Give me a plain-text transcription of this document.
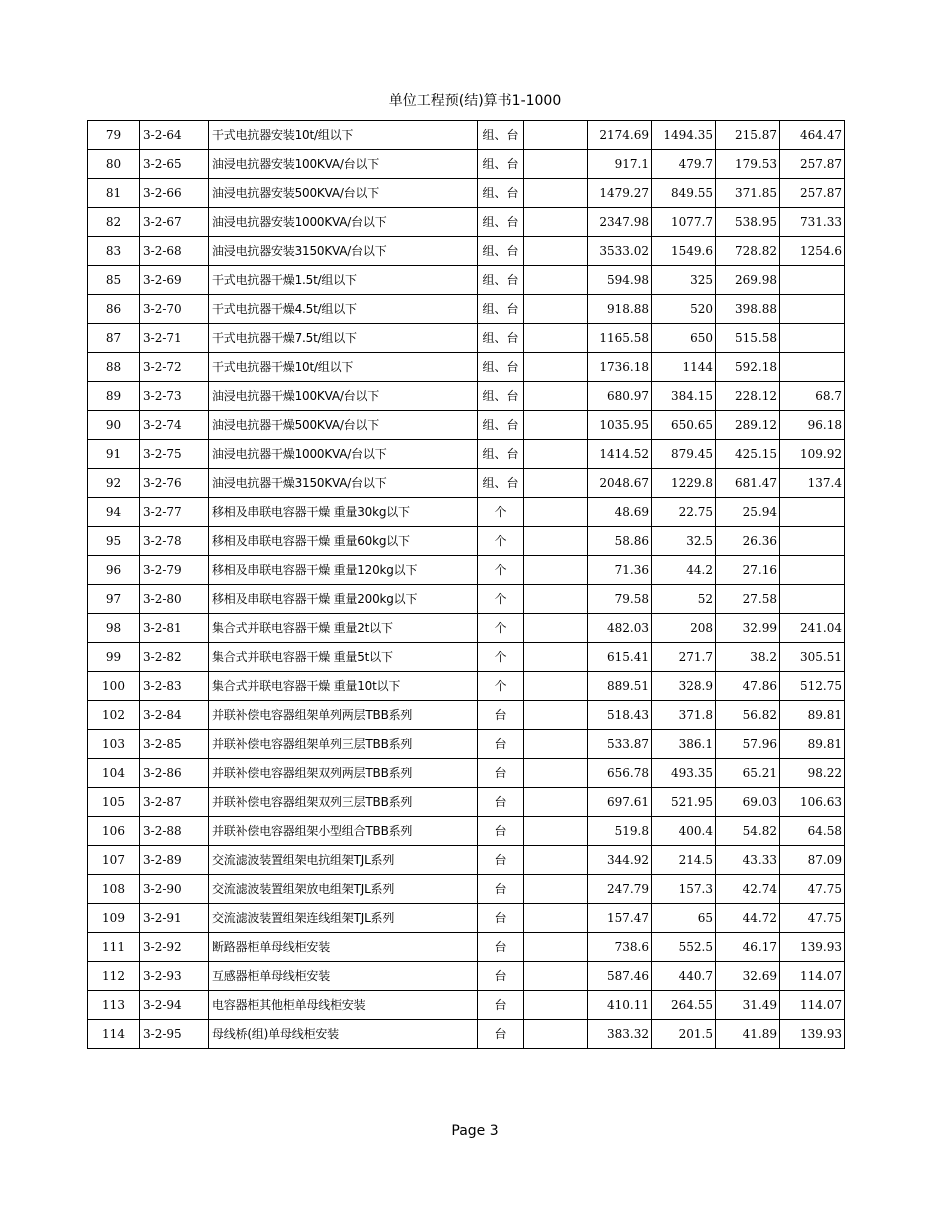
单位工程预(结)算书1-1000
79	3-2-64	干式电抗器安装10t/组以下	组、台		2174.69	1494.35	215.87	464.47
80	3-2-65	油浸电抗器安装100KVA/台以下	组、台		917.1	479.7	179.53	257.87
81	3-2-66	油浸电抗器安装500KVA/台以下	组、台		1479.27	849.55	371.85	257.87
82	3-2-67	油浸电抗器安装1000KVA/台以下	组、台		2347.98	1077.7	538.95	731.33
83	3-2-68	油浸电抗器安装3150KVA/台以下	组、台		3533.02	1549.6	728.82	1254.6
85	3-2-69	干式电抗器干燥1.5t/组以下	组、台		594.98	325	269.98	
86	3-2-70	干式电抗器干燥4.5t/组以下	组、台		918.88	520	398.88	
87	3-2-71	干式电抗器干燥7.5t/组以下	组、台		1165.58	650	515.58	
88	3-2-72	干式电抗器干燥10t/组以下	组、台		1736.18	1144	592.18	
89	3-2-73	油浸电抗器干燥100KVA/台以下	组、台		680.97	384.15	228.12	68.7
90	3-2-74	油浸电抗器干燥500KVA/台以下	组、台		1035.95	650.65	289.12	96.18
91	3-2-75	油浸电抗器干燥1000KVA/台以下	组、台		1414.52	879.45	425.15	109.92
92	3-2-76	油浸电抗器干燥3150KVA/台以下	组、台		2048.67	1229.8	681.47	137.4
94	3-2-77	移相及串联电容器干燥 重量30kg以下	个		48.69	22.75	25.94	
95	3-2-78	移相及串联电容器干燥 重量60kg以下	个		58.86	32.5	26.36	
96	3-2-79	移相及串联电容器干燥 重量120kg以下	个		71.36	44.2	27.16	
97	3-2-80	移相及串联电容器干燥 重量200kg以下	个		79.58	52	27.58	
98	3-2-81	集合式并联电容器干燥 重量2t以下	个		482.03	208	32.99	241.04
99	3-2-82	集合式并联电容器干燥 重量5t以下	个		615.41	271.7	38.2	305.51
100	3-2-83	集合式并联电容器干燥 重量10t以下	个		889.51	328.9	47.86	512.75
102	3-2-84	并联补偿电容器组架单列两层TBB系列	台		518.43	371.8	56.82	89.81
103	3-2-85	并联补偿电容器组架单列三层TBB系列	台		533.87	386.1	57.96	89.81
104	3-2-86	并联补偿电容器组架双列两层TBB系列	台		656.78	493.35	65.21	98.22
105	3-2-87	并联补偿电容器组架双列三层TBB系列	台		697.61	521.95	69.03	106.63
106	3-2-88	并联补偿电容器组架小型组合TBB系列	台		519.8	400.4	54.82	64.58
107	3-2-89	交流滤波装置组架电抗组架TJL系列	台		344.92	214.5	43.33	87.09
108	3-2-90	交流滤波装置组架放电组架TJL系列	台		247.79	157.3	42.74	47.75
109	3-2-91	交流滤波装置组架连线组架TJL系列	台		157.47	65	44.72	47.75
111	3-2-92	断路器柜单母线柜安装	台		738.6	552.5	46.17	139.93
112	3-2-93	互感器柜单母线柜安装	台		587.46	440.7	32.69	114.07
113	3-2-94	电容器柜其他柜单母线柜安装	台		410.11	264.55	31.49	114.07
114	3-2-95	母线桥(组)单母线柜安装	台		383.32	201.5	41.89	139.93
Page 3
